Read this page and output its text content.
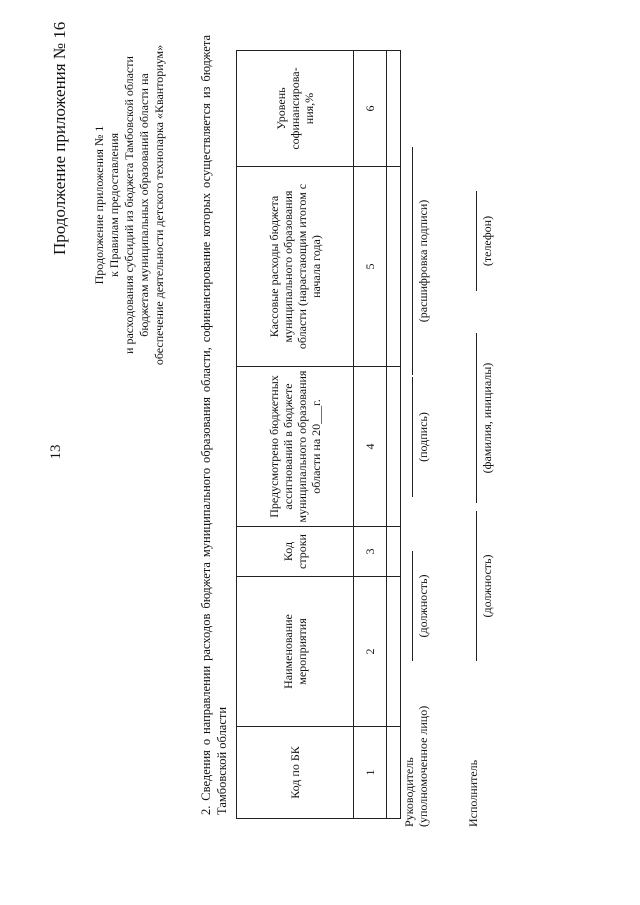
13
Продолжение приложения № 16 Продолжение приложения № 1 к Правилам предоставления и расходования субсидий из бюджета Тамбовской области бюджетам муниципальных образований области на обеспечение деятельности детского технопарка «Кванториум»	2. Сведения о направлении расходов бюджета муниципального образования области, софинансирование которых осуществляется из бюджета Тамбовской области	Код по БК	Наименование мероприятия	Код строки	Предусмотрено бюджетных ассигнований в бюджете муниципального образования области на 20___г.	Кассовые расходы бюджета муниципального образования области (нарастающим итогом с начала года)	Уровень софинансирова-ния,%
1	2	3	4	5	6

Руководитель (уполномоченное лицо)
(должность)
(подпись)
(расшифровка подписи)
Исполнитель
(должность)
(фамилия, инициалы)
(телефон)
